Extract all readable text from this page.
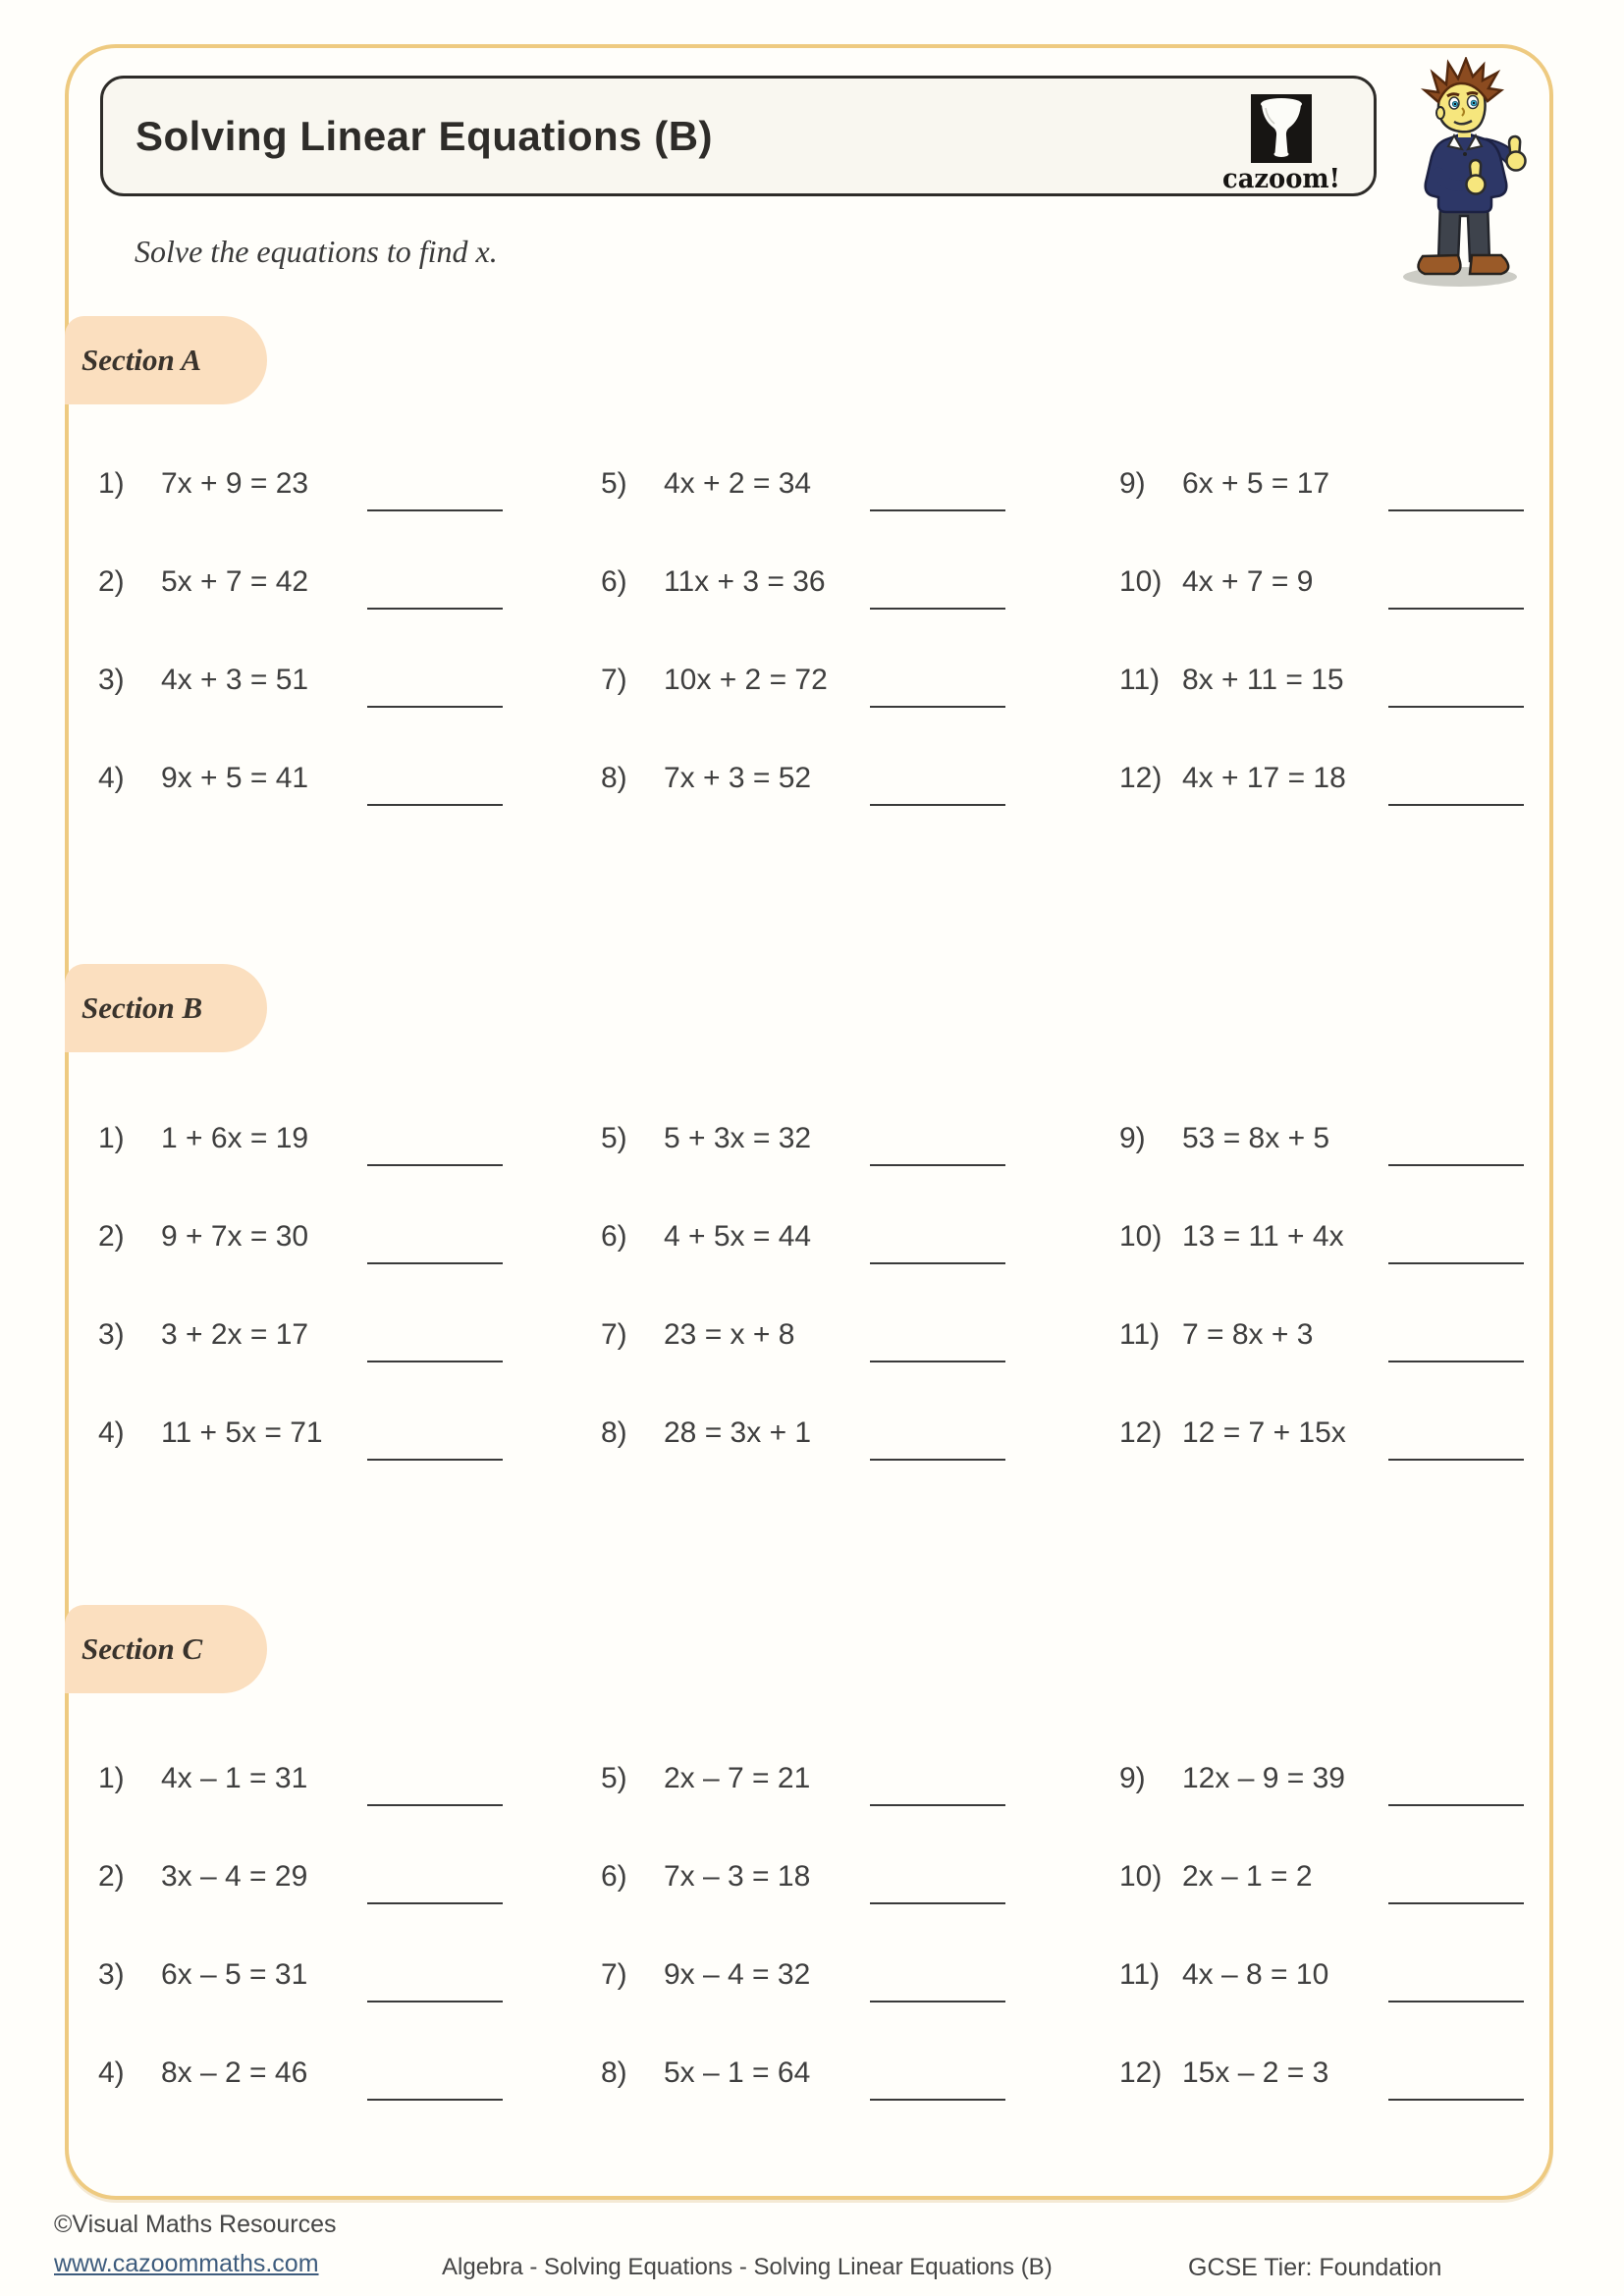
Solving Linear Equations (B)
cazoom!
Solve the equations to find x.
Section A
1)	7x + 9 = 23
2)	5x + 7 = 42
3)	4x + 3 = 51
4)	9x + 5 = 41
5)	4x + 2 = 34
6)	11x + 3 = 36
7)	10x + 2 = 72
8)	7x + 3 = 52
9)	6x + 5 = 17
10) 4x + 7 = 9
11) 8x + 11 = 15
12) 4x + 17 = 18
Section B
1)	1 + 6x = 19
2)	9 + 7x = 30
3)	3 + 2x = 17
4)	11 + 5x = 71
5)	5 + 3x = 32
6)	4 + 5x = 44
7)	23 = x + 8
8)	28 = 3x + 1
9)	53 = 8x + 5
10) 13 = 11 + 4x
11) 7 = 8x + 3
12) 12 = 7 + 15x
Section C
1)	4x – 1 = 31
2)	3x – 4 = 29
3)	6x – 5 = 31
4)	8x – 2 = 46
5)	2x – 7 = 21
6)	7x – 3 = 18
7)	9x – 4 = 32
8)	5x – 1 = 64
9)	12x – 9 = 39
10) 2x – 1 = 2
11) 4x – 8 = 10
12) 15x – 2 = 3
©Visual Maths Resources
www.cazoommaths.com	Algebra - Solving Equations - Solving Linear Equations (B)	GCSE Tier: Foundation
